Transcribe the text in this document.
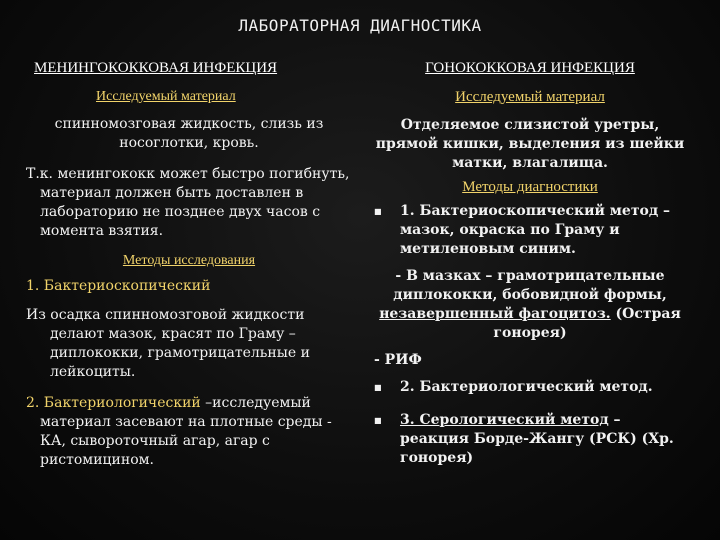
ЛАБОРАТОРНАЯ ДИАГНОСТИКА
МЕНИНГОКОККОВАЯ ИНФЕКЦИЯ
Исследуемый материал

спинномозговая жидкость, слизь из носоглотки, кровь.

Т.к. менингококк может быстро погибнуть, материал должен быть доставлен в лабораторию не позднее двух часов с момента взятия.

Методы исследования

1. Бактериоскопический

Из осадка спинномозговой жидкости делают мазок, красят по Граму – диплококки, грамотрицательные и лейкоциты.

2. Бактериологический –исследуемый материал засевают на плотные среды - КА, сывороточный агар, агар с ристомицином.

ГОНОКОККОВАЯ ИНФЕКЦИЯ
Исследуемый материал

Отделяемое слизистой уретры, прямой кишки, выделения из шейки матки, влагалища.

Методы диагностики
■	1. Бактериоскопический метод – мазок, окраска по Граму и метиленовым синим.

- В мазках – грамотрицательные диплококки, бобовидной формы, незавершенный фагоцитоз. (Острая гонорея)

- РИФ

■	2. Бактериологический метод.
■	3. Серологический метод – реакция Борде-Жангу (РСК) (Хр. гонорея)
